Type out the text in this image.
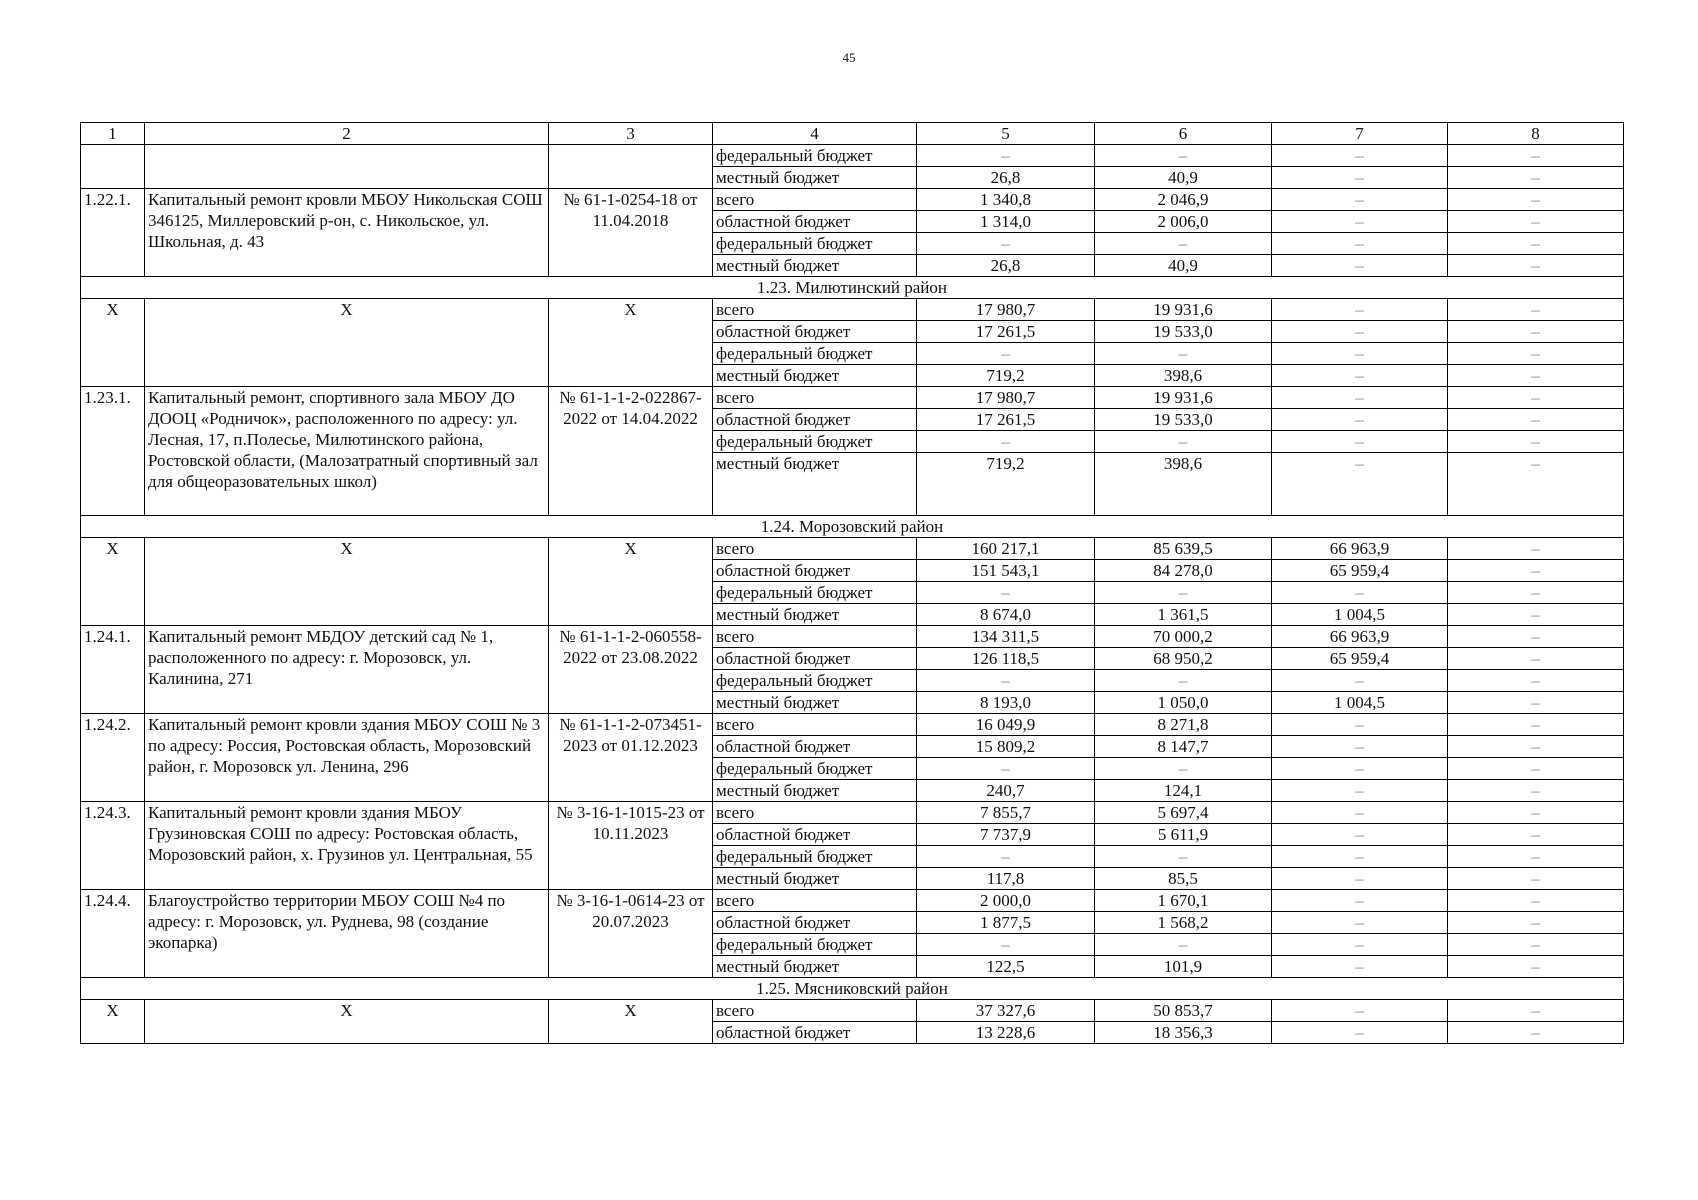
45
1	2	3	4	5	6	7	8
			федеральный бюджет	–	–	–	–
			местный бюджет	26,8	40,9	–	–
1.22.1.	Капитальный ремонт кровли МБОУ Никольская СОШ 346125, Миллеровский р-он, с. Никольское, ул. Школьная, д. 43	№ 61-1-0254-18 от 11.04.2018	всего	1 340,8	2 046,9	–	–
			областной бюджет	1 314,0	2 006,0	–	–
			федеральный бюджет	–	–	–	–
			местный бюджет	26,8	40,9	–	–
1.23. Милютинский район							
X	X	X	всего	17 980,7	19 931,6	–	–
			областной бюджет	17 261,5	19 533,0	–	–
			федеральный бюджет	–	–	–	–
			местный бюджет	719,2	398,6	–	–
1.23.1.	Капитальный ремонт, спортивного зала МБОУ ДО ДООЦ «Родничок», расположенного по адресу: ул. Лесная, 17, п.Полесье, Милютинского района, Ростовской области, (Малозатратный спортивный зал для общеоразовательных школ)	№ 61-1-1-2-022867-2022 от 14.04.2022	всего	17 980,7	19 931,6	–	–
			областной бюджет	17 261,5	19 533,0	–	–
			федеральный бюджет	–	–	–	–
			местный бюджет	719,2	398,6	–	–
1.24. Морозовский район							
X	X	X	всего	160 217,1	85 639,5	66 963,9	–
			областной бюджет	151 543,1	84 278,0	65 959,4	–
			федеральный бюджет	–	–	–	–
			местный бюджет	8 674,0	1 361,5	1 004,5	–
1.24.1.	Капитальный ремонт МБДОУ детский сад № 1, расположенного по адресу: г. Морозовск, ул. Калинина, 271	№ 61-1-1-2-060558-2022 от 23.08.2022	всего	134 311,5	70 000,2	66 963,9	–
			областной бюджет	126 118,5	68 950,2	65 959,4	–
			федеральный бюджет	–	–	–	–
			местный бюджет	8 193,0	1 050,0	1 004,5	–
1.24.2.	Капитальный ремонт кровли здания МБОУ СОШ № 3 по адресу: Россия, Ростовская область, Морозовский район, г. Морозовск ул. Ленина, 296	№ 61-1-1-2-073451-2023 от 01.12.2023	всего	16 049,9	8 271,8	–	–
			областной бюджет	15 809,2	8 147,7	–	–
			федеральный бюджет	–	–	–	–
			местный бюджет	240,7	124,1	–	–
1.24.3.	Капитальный ремонт кровли здания МБОУ Грузиновская СОШ по адресу: Ростовская область, Морозовский район, х. Грузинов ул. Центральная, 55	№ 3-16-1-1015-23 от 10.11.2023	всего	7 855,7	5 697,4	–	–
			областной бюджет	7 737,9	5 611,9	–	–
			федеральный бюджет	–	–	–	–
			местный бюджет	117,8	85,5	–	–
1.24.4.	Благоустройство территории МБОУ СОШ №4 по адресу: г. Морозовск, ул. Руднева, 98 (создание экопарка)	№ 3-16-1-0614-23 от 20.07.2023	всего	2 000,0	1 670,1	–	–
			областной бюджет	1 877,5	1 568,2	–	–
			федеральный бюджет	–	–	–	–
			местный бюджет	122,5	101,9	–	–
1.25. Мясниковский район							
X	X	X	всего	37 327,6	50 853,7	–	–
			областной бюджет	13 228,6	18 356,3	–	–
